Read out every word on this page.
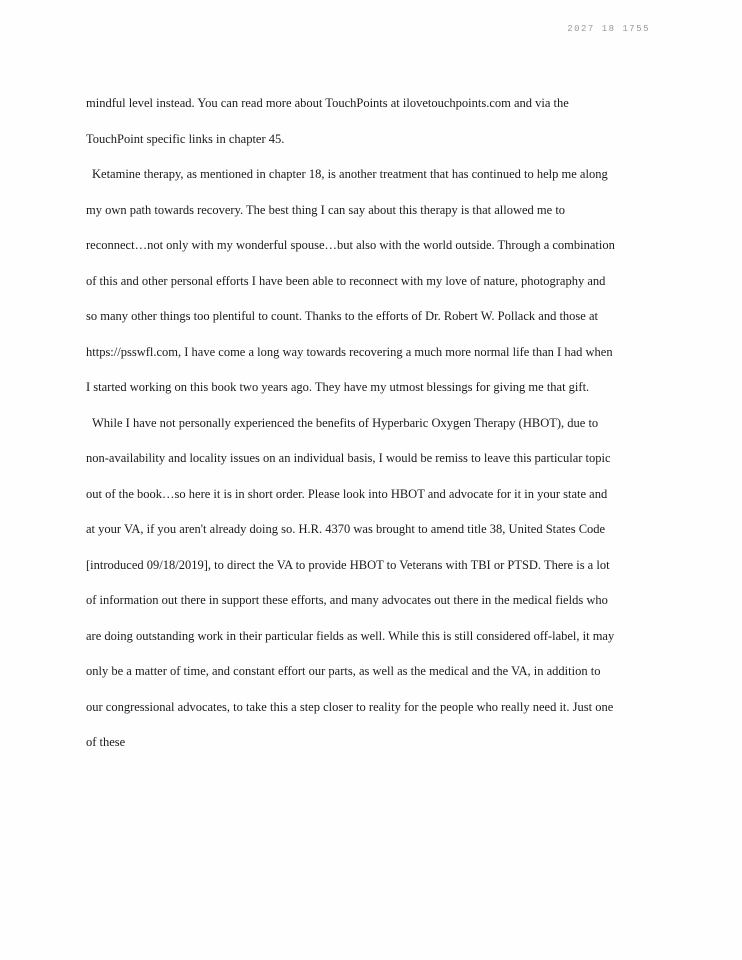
2027 18 1755

mindful level instead. You can read more about TouchPoints at ilovetouchpoints.com and via the TouchPoint specific links in chapter 45.

Ketamine therapy, as mentioned in chapter 18, is another treatment that has continued to help me along my own path towards recovery. The best thing I can say about this therapy is that allowed me to reconnect…not only with my wonderful spouse…but also with the world outside. Through a combination of this and other personal efforts I have been able to reconnect with my love of nature, photography and so many other things too plentiful to count. Thanks to the efforts of Dr. Robert W. Pollack and those at https://psswfl.com, I have come a long way towards recovering a much more normal life than I had when I started working on this book two years ago. They have my utmost blessings for giving me that gift.

While I have not personally experienced the benefits of Hyperbaric Oxygen Therapy (HBOT), due to non-availability and locality issues on an individual basis, I would be remiss to leave this particular topic out of the book…so here it is in short order. Please look into HBOT and advocate for it in your state and at your VA, if you aren't already doing so. H.R. 4370 was brought to amend title 38, United States Code [introduced 09/18/2019], to direct the VA to provide HBOT to Veterans with TBI or PTSD. There is a lot of information out there in support these efforts, and many advocates out there in the medical fields who are doing outstanding work in their particular fields as well. While this is still considered off-label, it may only be a matter of time, and constant effort our parts, as well as the medical and the VA, in addition to our congressional advocates, to take this a step closer to reality for the people who really need it. Just one of these
